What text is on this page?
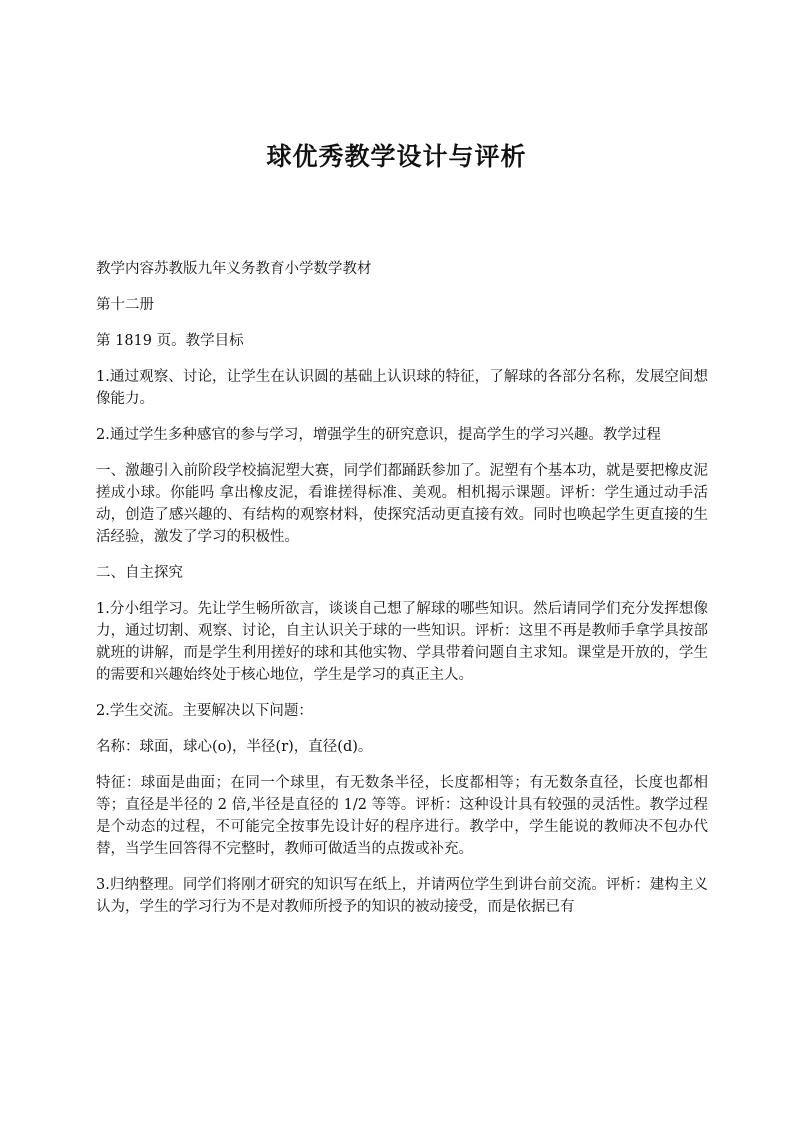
球优秀教学设计与评析

教学内容苏教版九年义务教育小学数学教材

第十二册

第 1819 页。教学目标

1.通过观察、讨论，让学生在认识圆的基础上认识球的特征，了解球的各部分名称，发展空间想像能力。

2.通过学生多种感官的参与学习，增强学生的研究意识，提高学生的学习兴趣。教学过程

一、激趣引入前阶段学校搞泥塑大赛，同学们都踊跃参加了。泥塑有个基本功，就是要把橡皮泥搓成小球。你能吗 拿出橡皮泥，看谁搓得标准、美观。相机揭示课题。评析：学生通过动手活动，创造了感兴趣的、有结构的观察材料，使探究活动更直接有效。同时也唤起学生更直接的生活经验，激发了学习的积极性。

二、自主探究

1.分小组学习。先让学生畅所欲言，谈谈自己想了解球的哪些知识。然后请同学们充分发挥想像力，通过切割、观察、讨论，自主认识关于球的一些知识。评析：这里不再是教师手拿学具按部就班的讲解，而是学生利用搓好的球和其他实物、学具带着问题自主求知。课堂是开放的，学生的需要和兴趣始终处于核心地位，学生是学习的真正主人。

2.学生交流。主要解决以下问题：

名称：球面，球心(o)，半径(r)，直径(d)。

特征：球面是曲面；在同一个球里，有无数条半径，长度都相等；有无数条直径，长度也都相等；直径是半径的 2 倍,半径是直径的 1/2 等等。评析：这种设计具有较强的灵活性。教学过程是个动态的过程，不可能完全按事先设计好的程序进行。教学中，学生能说的教师决不包办代替，当学生回答得不完整时，教师可做适当的点拨或补充。

3.归纳整理。同学们将刚才研究的知识写在纸上，并请两位学生到讲台前交流。评析：建构主义认为，学生的学习行为不是对教师所授予的知识的被动接受，而是依据已有
